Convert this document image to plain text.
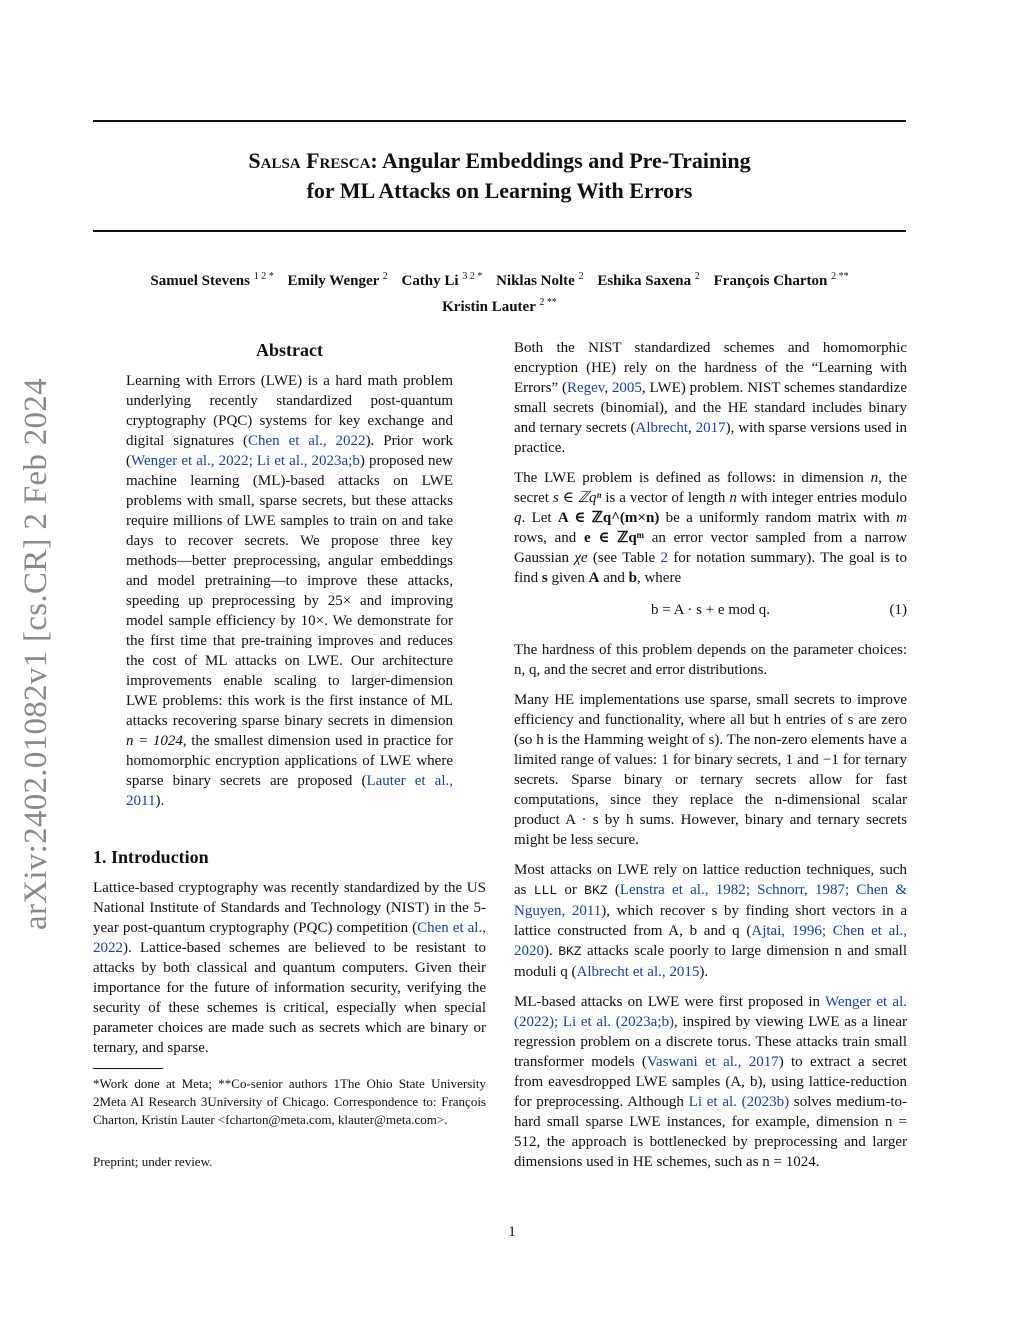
Salsa Fresca: Angular Embeddings and Pre-Training
for ML Attacks on Learning With Errors
Samuel Stevens $^{1 2 *}$ Emily Wenger $^2$ Cathy Li $^{3 2 *}$ Niklas Nolte $^2$ Eshika Saxena $^2$ François Charton $^{2 **}$
Kristin Lauter $^{2 **}$
arXiv:2402.01082v1 [cs.CR] 2 Feb 2024
Abstract
Learning with Errors (LWE) is a hard math problem underlying recently standardized post-quantum cryptography (PQC) systems for key exchange and digital signatures (Chen et al., 2022). Prior work (Wenger et al., 2022; Li et al., 2023a;b) proposed new machine learning (ML)-based attacks on LWE problems with small, sparse secrets, but these attacks require millions of LWE samples to train on and take days to recover secrets. We propose three key methods—better preprocessing, angular embeddings and model pretraining—to improve these attacks, speeding up preprocessing by 25× and improving model sample efficiency by 10×. We demonstrate for the first time that pre-training improves and reduces the cost of ML attacks on LWE. Our architecture improvements enable scaling to larger-dimension LWE problems: this work is the first instance of ML attacks recovering sparse binary secrets in dimension n = 1024, the smallest dimension used in practice for homomorphic encryption applications of LWE where sparse binary secrets are proposed (Lauter et al., 2011).
1. Introduction

Lattice-based cryptography was recently standardized by the US National Institute of Standards and Technology (NIST) in the 5-year post-quantum cryptography (PQC) competition (Chen et al., 2022). Lattice-based schemes are believed to be resistant to attacks by both classical and quantum computers. Given their importance for the future of information security, verifying the security of these schemes is critical, especially when special parameter choices are made such as secrets which are binary or ternary, and sparse.

*Work done at Meta; **Co-senior authors 1The Ohio State University 2Meta AI Research 3University of Chicago. Correspondence to: François Charton, Kristin Lauter <fcharton@meta.com, klauter@meta.com>.

Preprint; under review.

Both the NIST standardized schemes and homomorphic encryption (HE) rely on the hardness of the “Learning with Errors” (Regev, 2005, LWE) problem. NIST schemes standardize small secrets (binomial), and the HE standard includes binary and ternary secrets (Albrecht, 2017), with sparse versions used in practice.

The LWE problem is defined as follows: in dimension n, the secret s ∈ ℤqⁿ is a vector of length n with integer entries modulo q. Let A ∈ ℤq^(m×n) be a uniformly random matrix with m rows, and e ∈ ℤqᵐ an error vector sampled from a narrow Gaussian χe (see Table 2 for notation summary). The goal is to find s given A and b, where

b = A · s + e mod q.	(1)

The hardness of this problem depends on the parameter choices: n, q, and the secret and error distributions.

Many HE implementations use sparse, small secrets to improve efficiency and functionality, where all but h entries of s are zero (so h is the Hamming weight of s). The non-zero elements have a limited range of values: 1 for binary secrets, 1 and −1 for ternary secrets. Sparse binary or ternary secrets allow for fast computations, since they replace the n-dimensional scalar product A · s by h sums. However, binary and ternary secrets might be less secure.

Most attacks on LWE rely on lattice reduction techniques, such as LLL or BKZ (Lenstra et al., 1982; Schnorr, 1987; Chen & Nguyen, 2011), which recover s by finding short vectors in a lattice constructed from A, b and q (Ajtai, 1996; Chen et al., 2020). BKZ attacks scale poorly to large dimension n and small moduli q (Albrecht et al., 2015).

ML-based attacks on LWE were first proposed in Wenger et al. (2022); Li et al. (2023a;b), inspired by viewing LWE as a linear regression problem on a discrete torus. These attacks train small transformer models (Vaswani et al., 2017) to extract a secret from eavesdropped LWE samples (A, b), using lattice-reduction for preprocessing. Although Li et al. (2023b) solves medium-to-hard small sparse LWE instances, for example, dimension n = 512, the approach is bottlenecked by preprocessing and larger dimensions used in HE schemes, such as n = 1024.

1
